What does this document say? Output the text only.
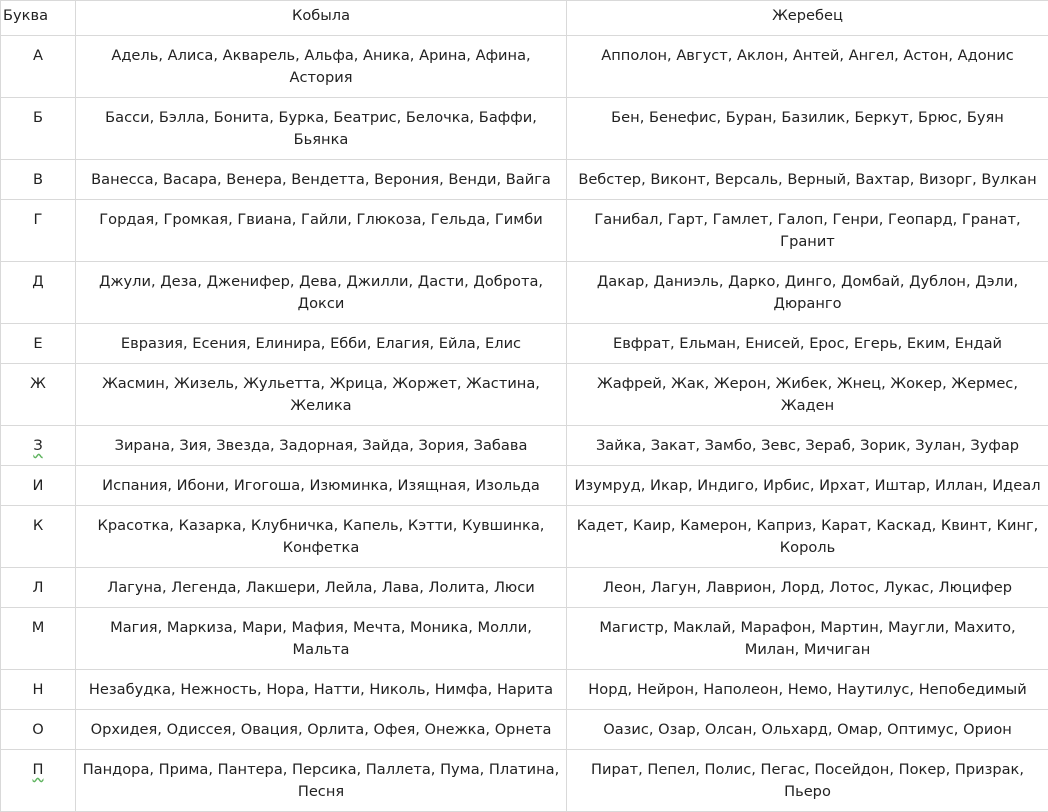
Буква	Кобыла	Жеребец
А	Адель, Алиса, Акварель, Альфа, Аника, Арина, Афина, Астория	Апполон, Август, Аклон, Антей, Ангел, Астон, Адонис
Б	Басси, Бэлла, Бонита, Бурка, Беатрис, Белочка, Баффи, Бьянка	Бен, Бенефис, Буран, Базилик, Беркут, Брюс, Буян
В	Ванесса, Васара, Венера, Вендетта, Верония, Венди, Вайга	Вебстер, Виконт, Версаль, Верный, Вахтар, Визорг, Вулкан
Г	Гордая, Громкая, Гвиана, Гайли, Глюкоза, Гельда, Гимби	Ганибал, Гарт, Гамлет, Галоп, Генри, Геопард, Гранат, Гранит
Д	Джули, Деза, Дженифер, Дева, Джилли, Дасти, Доброта, Докси	Дакар, Даниэль, Дарко, Динго, Домбай, Дублон, Дэли, Дюранго
Е	Евразия, Есения, Елинира, Ебби, Елагия, Ейла, Елис	Евфрат, Ельман, Енисей, Ерос, Егерь, Еким, Ендай
Ж	Жасмин, Жизель, Жульетта, Жрица, Жоржет, Жастина, Желика	Жафрей, Жак, Жерон, Жибек, Жнец, Жокер, Жермес, Жаден
З	Зирана, Зия, Звезда, Задорная, Зайда, Зория, Забава	Зайка, Закат, Замбо, Зевс, Зераб, Зорик, Зулан, Зуфар
И	Испания, Ибони, Игогоша, Изюминка, Изящная, Изольда	Изумруд, Икар, Индиго, Ирбис, Ирхат, Иштар, Иллан, Идеал
К	Красотка, Казарка, Клубничка, Капель, Кэтти, Кувшинка, Конфетка	Кадет, Каир, Камерон, Каприз, Карат, Каскад, Квинт, Кинг, Король
Л	Лагуна, Легенда, Лакшери, Лейла, Лава, Лолита, Люси	Леон, Лагун, Лаврион, Лорд, Лотос, Лукас, Люцифер
М	Магия, Маркиза, Мари, Мафия, Мечта, Моника, Молли, Мальта	Магистр, Маклай, Марафон, Мартин, Маугли, Махито, Милан, Мичиган
Н	Незабудка, Нежность, Нора, Натти, Николь, Нимфа, Нарита	Норд, Нейрон, Наполеон, Немо, Наутилус, Непобедимый
О	Орхидея, Одиссея, Овация, Орлита, Офея, Онежка, Орнета	Оазис, Озар, Олсан, Ольхард, Омар, Оптимус, Орион
П	Пандора, Прима, Пантера, Персика, Паллета, Пума, Платина, Песня	Пират, Пепел, Полис, Пегас, Посейдон, Покер, Призрак, Пьеро
